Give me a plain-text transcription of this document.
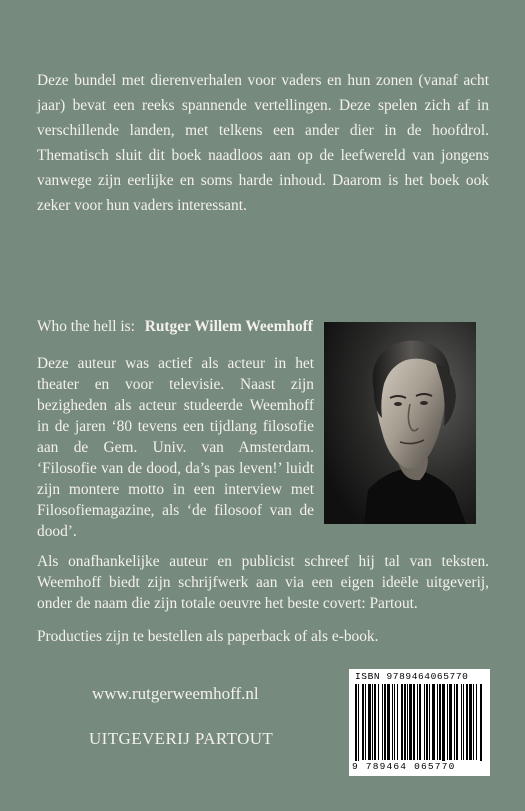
Deze bundel met dierenverhalen voor vaders en hun zonen (vanaf acht jaar) bevat een reeks spannende vertellingen. Deze spelen zich af in verschillende landen, met telkens een ander dier in de hoofdrol. Thematisch sluit dit boek naadloos aan op de leefwereld van jongens vanwege zijn eerlijke en soms harde inhoud. Daarom is het boek ook zeker voor hun vaders interessant.

Who the hell is: Rutger Willem Weemhoff

Deze auteur was actief als acteur in het theater en voor televisie. Naast zijn bezigheden als acteur studeerde Weemhoff in de jaren ‘80 tevens een tijdlang filosofie aan de Gem. Univ. van Amsterdam. ‘Filosofie van de dood, da’s pas leven!’ luidt zijn montere motto in een interview met Filosofiemagazine, als ‘de filosoof van de dood’.

Als onafhankelijke auteur en publicist schreef hij tal van teksten. Weemhoff biedt zijn schrijfwerk aan via een eigen ideële uitgeverij, onder de naam die zijn totale oeuvre het beste covert: Partout.

Producties zijn te bestellen als paperback of als e-book.

www.rutgerweemhoff.nl
UITGEVERIJ PARTOUT
ISBN 9789464065770
9 789464 065770
